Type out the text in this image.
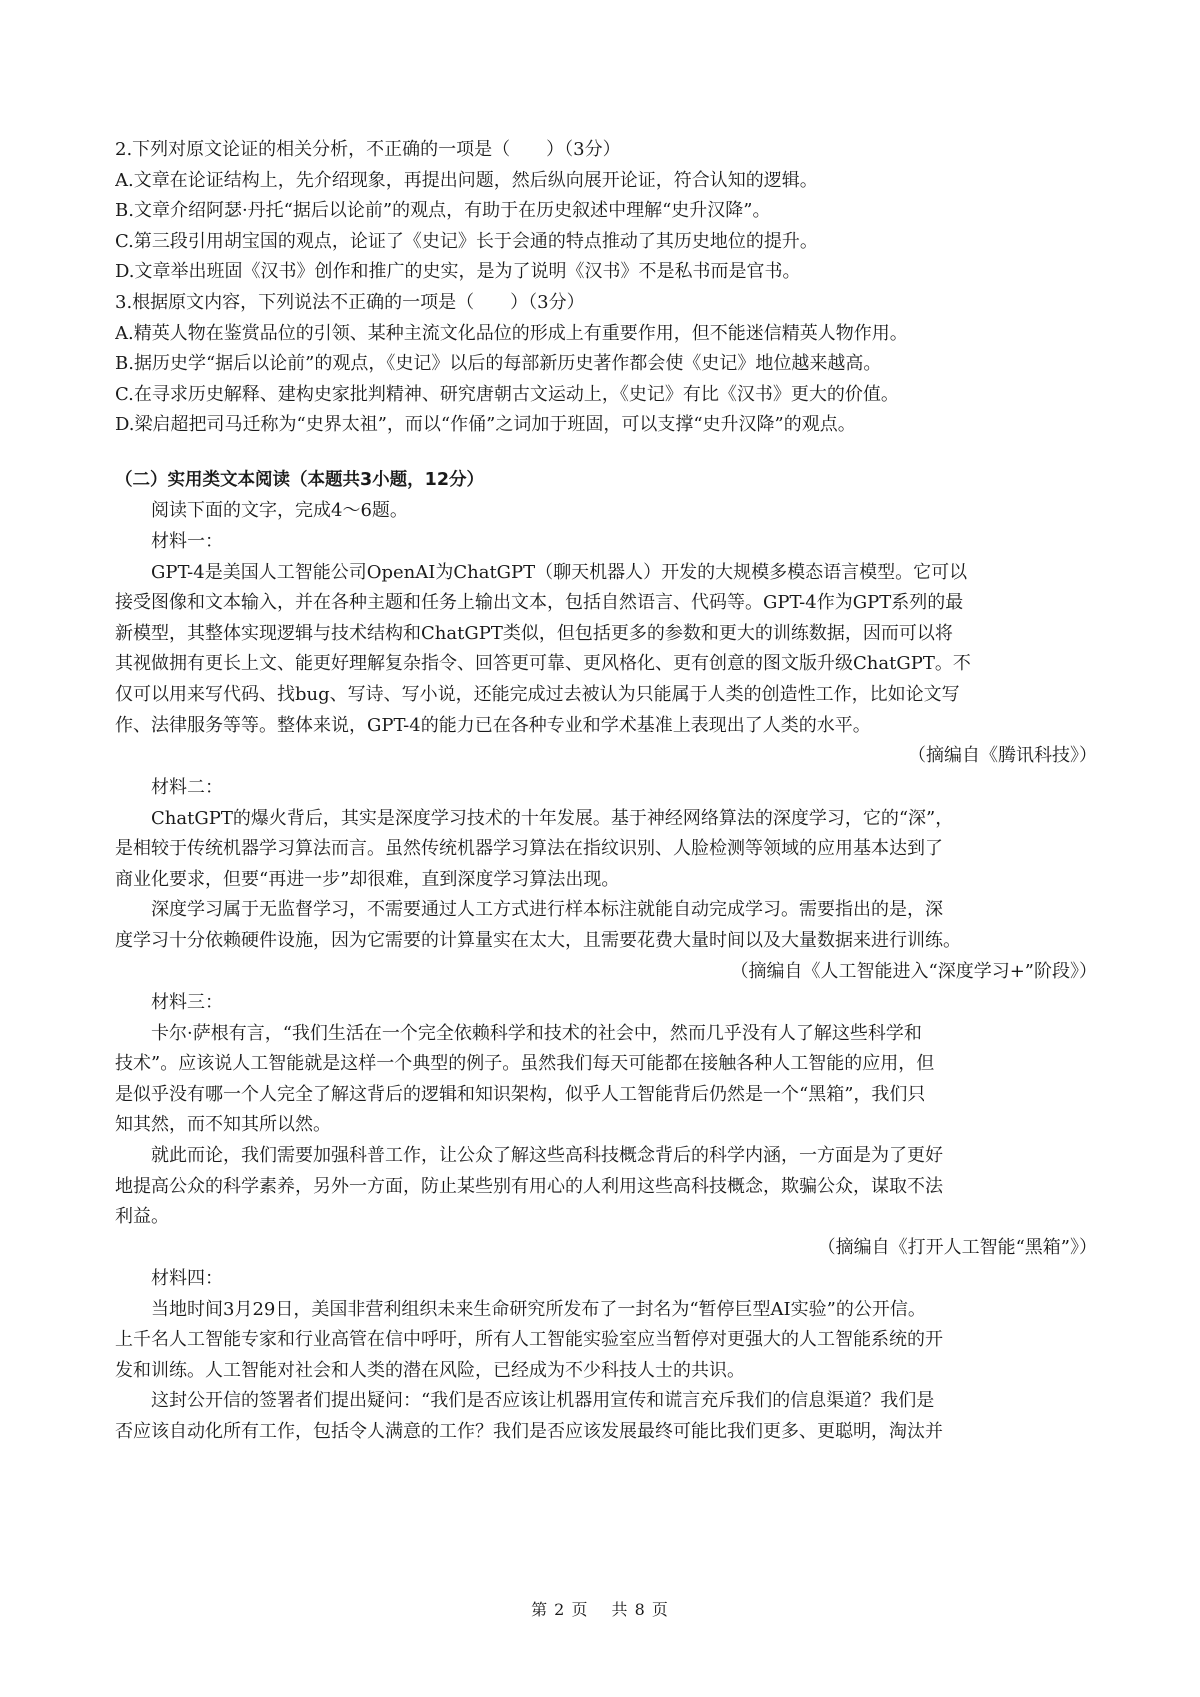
2.下列对原文论证的相关分析，不正确的一项是（　　）（3分）
A.文章在论证结构上，先介绍现象，再提出问题，然后纵向展开论证，符合认知的逻辑。
B.文章介绍阿瑟·丹托“据后以论前”的观点，有助于在历史叙述中理解“史升汉降”。
C.第三段引用胡宝国的观点，论证了《史记》长于会通的特点推动了其历史地位的提升。
D.文章举出班固《汉书》创作和推广的史实，是为了说明《汉书》不是私书而是官书。
3.根据原文内容，下列说法不正确的一项是（　　）（3分）
A.精英人物在鉴赏品位的引领、某种主流文化品位的形成上有重要作用，但不能迷信精英人物作用。
B.据历史学“据后以论前”的观点，《史记》以后的每部新历史著作都会使《史记》地位越来越高。
C.在寻求历史解释、建构史家批判精神、研究唐朝古文运动上，《史记》有比《汉书》更大的价值。
D.梁启超把司马迁称为“史界太祖”，而以“作俑”之词加于班固，可以支撑“史升汉降”的观点。
（二）实用类文本阅读（本题共3小题，12分）
阅读下面的文字，完成4～6题。
材料一：
GPT-4是美国人工智能公司OpenAI为ChatGPT（聊天机器人）开发的大规模多模态语言模型。它可以
接受图像和文本输入，并在各种主题和任务上输出文本，包括自然语言、代码等。GPT-4作为GPT系列的最
新模型，其整体实现逻辑与技术结构和ChatGPT类似，但包括更多的参数和更大的训练数据，因而可以将
其视做拥有更长上文、能更好理解复杂指令、回答更可靠、更风格化、更有创意的图文版升级ChatGPT。不
仅可以用来写代码、找bug、写诗、写小说，还能完成过去被认为只能属于人类的创造性工作，比如论文写
作、法律服务等等。整体来说，GPT-4的能力已在各种专业和学术基准上表现出了人类的水平。
（摘编自《腾讯科技》）
材料二：
ChatGPT的爆火背后，其实是深度学习技术的十年发展。基于神经网络算法的深度学习，它的“深”，
是相较于传统机器学习算法而言。虽然传统机器学习算法在指纹识别、人脸检测等领域的应用基本达到了
商业化要求，但要“再进一步”却很难，直到深度学习算法出现。
深度学习属于无监督学习，不需要通过人工方式进行样本标注就能自动完成学习。需要指出的是，深
度学习十分依赖硬件设施，因为它需要的计算量实在太大，且需要花费大量时间以及大量数据来进行训练。
（摘编自《人工智能进入“深度学习+”阶段》）
材料三：
卡尔·萨根有言，“我们生活在一个完全依赖科学和技术的社会中，然而几乎没有人了解这些科学和
技术”。应该说人工智能就是这样一个典型的例子。虽然我们每天可能都在接触各种人工智能的应用，但
是似乎没有哪一个人完全了解这背后的逻辑和知识架构，似乎人工智能背后仍然是一个“黑箱”，我们只
知其然，而不知其所以然。
就此而论，我们需要加强科普工作，让公众了解这些高科技概念背后的科学内涵，一方面是为了更好
地提高公众的科学素养，另外一方面，防止某些别有用心的人利用这些高科技概念，欺骗公众，谋取不法
利益。
（摘编自《打开人工智能“黑箱”》）
材料四：
当地时间3月29日，美国非营利组织未来生命研究所发布了一封名为“暂停巨型AI实验”的公开信。
上千名人工智能专家和行业高管在信中呼吁，所有人工智能实验室应当暂停对更强大的人工智能系统的开
发和训练。人工智能对社会和人类的潜在风险，已经成为不少科技人士的共识。
这封公开信的签署者们提出疑问：“我们是否应该让机器用宣传和谎言充斥我们的信息渠道？我们是
否应该自动化所有工作，包括令人满意的工作？我们是否应该发展最终可能比我们更多、更聪明，淘汰并
第 2 页　 共 8 页
